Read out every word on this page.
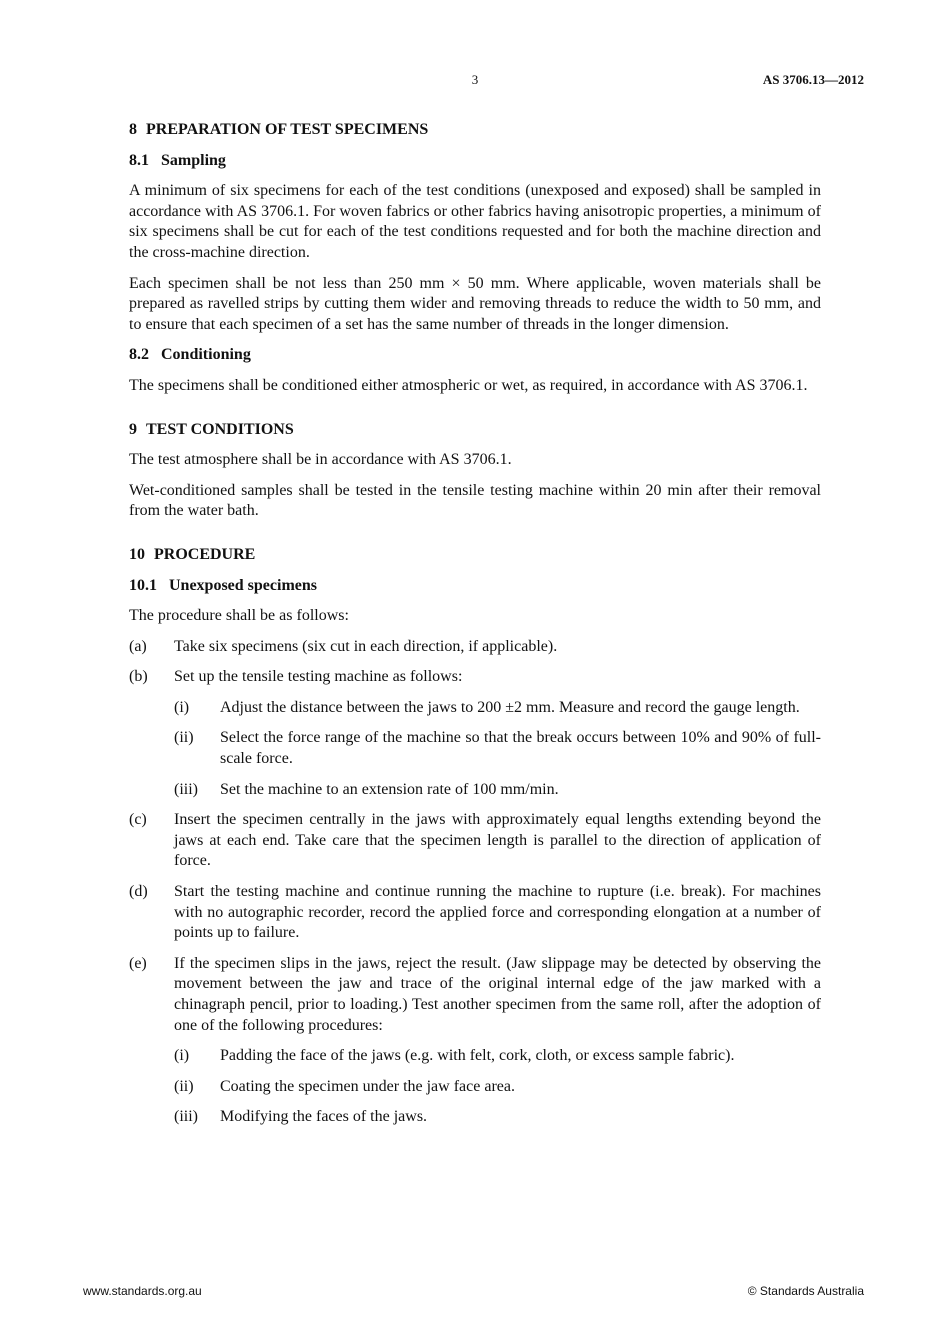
3	AS 3706.13—2012
8 PREPARATION OF TEST SPECIMENS
8.1 Sampling

A minimum of six specimens for each of the test conditions (unexposed and exposed) shall be sampled in accordance with AS 3706.1. For woven fabrics or other fabrics having anisotropic properties, a minimum of six specimens shall be cut for each of the test conditions requested and for both the machine direction and the cross-machine direction.

Each specimen shall be not less than 250 mm × 50 mm. Where applicable, woven materials shall be prepared as ravelled strips by cutting them wider and removing threads to reduce the width to 50 mm, and to ensure that each specimen of a set has the same number of threads in the longer dimension.

8.2 Conditioning

The specimens shall be conditioned either atmospheric or wet, as required, in accordance with AS 3706.1.

9 TEST CONDITIONS

The test atmosphere shall be in accordance with AS 3706.1.

Wet-conditioned samples shall be tested in the tensile testing machine within 20 min after their removal from the water bath.

10 PROCEDURE
10.1 Unexposed specimens

The procedure shall be as follows:

(a)	Take six specimens (six cut in each direction, if applicable).
(b)	Set up the tensile testing machine as follows:
(i)	Adjust the distance between the jaws to 200 ±2 mm. Measure and record the gauge length.
(ii)	Select the force range of the machine so that the break occurs between 10% and 90% of full-scale force.
(iii)	Set the machine to an extension rate of 100 mm/min.
(c)	Insert the specimen centrally in the jaws with approximately equal lengths extending beyond the jaws at each end. Take care that the specimen length is parallel to the direction of application of force.
(d)	Start the testing machine and continue running the machine to rupture (i.e. break). For machines with no autographic recorder, record the applied force and corresponding elongation at a number of points up to failure.
(e)	If the specimen slips in the jaws, reject the result. (Jaw slippage may be detected by observing the movement between the jaw and trace of the original internal edge of the jaw marked with a chinagraph pencil, prior to loading.) Test another specimen from the same roll, after the adoption of one of the following procedures:
(i)	Padding the face of the jaws (e.g. with felt, cork, cloth, or excess sample fabric).
(ii)	Coating the specimen under the jaw face area.
(iii)	Modifying the faces of the jaws.
www.standards.org.au	© Standards Australia
